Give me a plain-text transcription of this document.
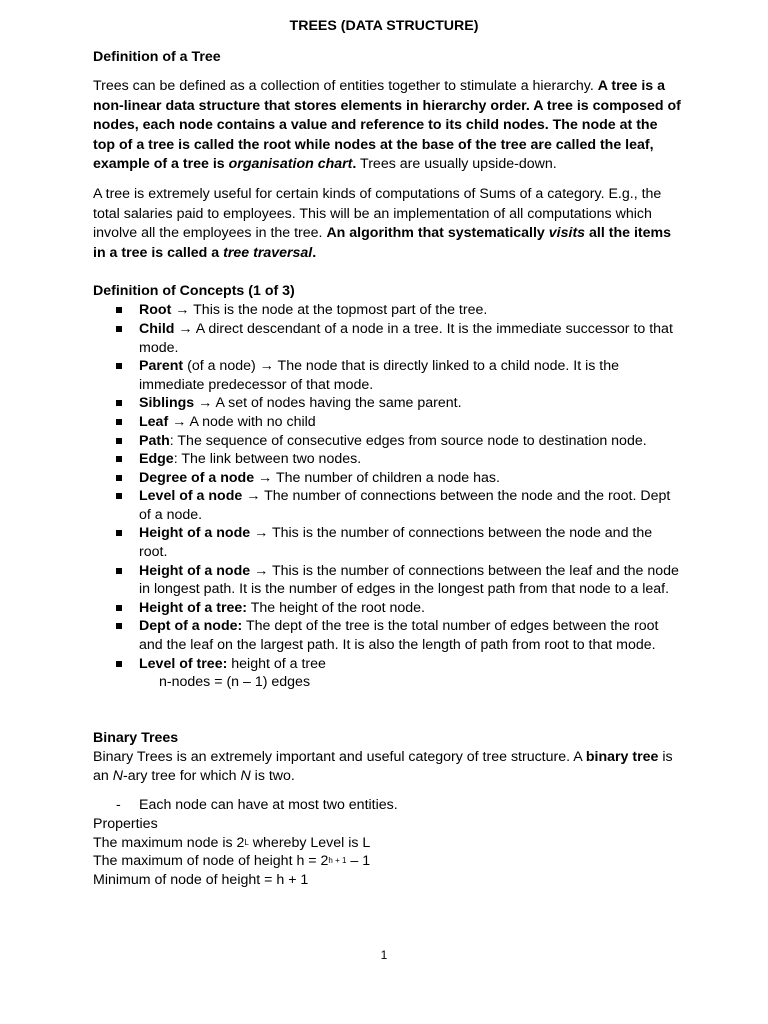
TREES (DATA STRUCTURE)
Definition of a Tree

Trees can be defined as a collection of entities together to stimulate a hierarchy. A tree is a non-linear data structure that stores elements in hierarchy order. A tree is composed of nodes, each node contains a value and reference to its child nodes. The node at the top of a tree is called the root while nodes at the base of the tree are called the leaf, example of a tree is organisation chart. Trees are usually upside-down.

A tree is extremely useful for certain kinds of computations of Sums of a category. E.g., the total salaries paid to employees. This will be an implementation of all computations which involve all the employees in the tree. An algorithm that systematically visits all the items in a tree is called a tree traversal.

Definition of Concepts (1 of 3)
Root → This is the node at the topmost part of the tree.
Child → A direct descendant of a node in a tree. It is the immediate successor to that mode.
Parent (of a node) → The node that is directly linked to a child node. It is the immediate predecessor of that mode.
Siblings → A set of nodes having the same parent.
Leaf → A node with no child
Path: The sequence of consecutive edges from source node to destination node.
Edge: The link between two nodes.
Degree of a node → The number of children a node has.
Level of a node → The number of connections between the node and the root. Dept of a node.
Height of a node → This is the number of connections between the node and the root.
Height of a node → This is the number of connections between the leaf and the node in longest path. It is the number of edges in the longest path from that node to a leaf.
Height of a tree: The height of the root node.
Dept of a node: The dept of the tree is the total number of edges between the root and the leaf on the largest path. It is also the length of path from root to that mode.
Level of tree: height of a tree
n-nodes = (n – 1) edges
Binary Trees

Binary Trees is an extremely important and useful category of tree structure. A binary tree is an N-ary tree for which N is two.

- Each node can have at most two entities.
Properties
The maximum node is $2^L$ whereby Level is L
The maximum of node of height $h = 2^{h + 1} - 1$
Minimum of node of height = h + 1
1
